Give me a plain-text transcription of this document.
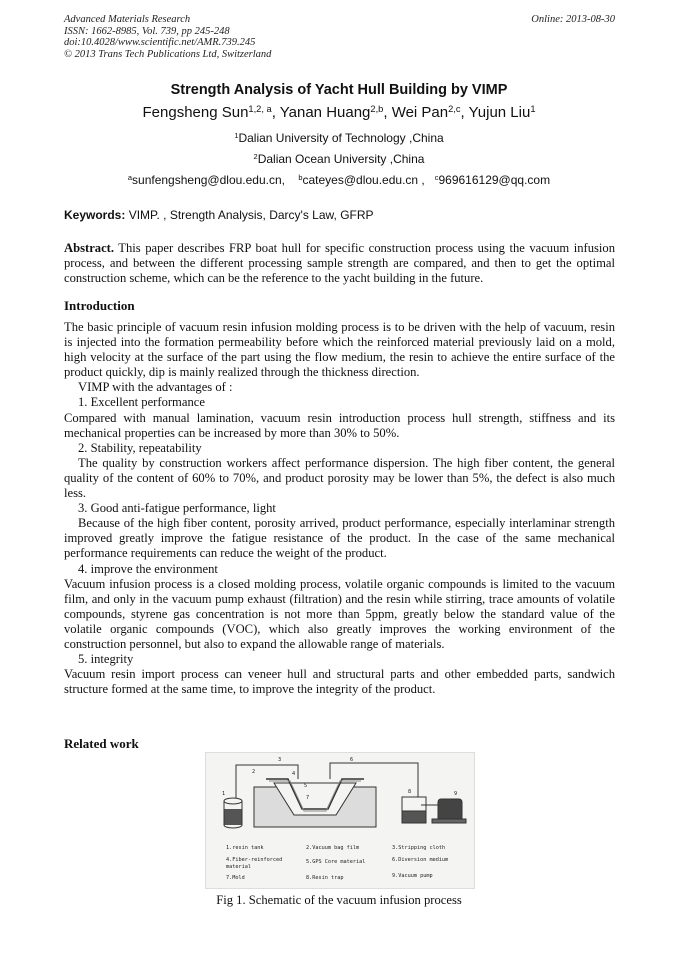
Advanced Materials Research
ISSN: 1662-8985, Vol. 739, pp 245-248
doi:10.4028/www.scientific.net/AMR.739.245
© 2013 Trans Tech Publications Ltd, Switzerland
Online: 2013-08-30
Strength Analysis of Yacht Hull Building by VIMP
Fengsheng Sun$^{1,2, a}$, Yanan Huang$^{2,b}$, Wei Pan$^{2,c}$, Yujun Liu$^1$
$^1$Dalian University of Technology ,China
$^2$Dalian Ocean University ,China
$^a$sunfengsheng@dlou.edu.cn, $^b$cateyes@dlou.edu.cn , $^c$969616129@qq.com
Keywords: VIMP. , Strength Analysis, Darcy's Law, GFRP

Abstract. This paper describes FRP boat hull for specific construction process using the vacuum infusion process, and between the different processing sample strength are compared, and then to get the optimal construction scheme, which can be the reference to the yacht building in the future.

Introduction

The basic principle of vacuum resin infusion molding process is to be driven with the help of vacuum, resin is injected into the formation permeability before which the reinforced material previously laid on a mold, high velocity at the surface of the part using the flow medium, the resin to achieve the entire surface of the product quickly, dip is mainly realized through the thickness direction.

VIMP with the advantages of :

1. Excellent performance

Compared with manual lamination, vacuum resin introduction process hull strength, stiffness and its mechanical properties can be increased by more than 30% to 50%.

2. Stability, repeatability

The quality by construction workers affect performance dispersion. The high fiber content, the general quality of the content of 60% to 70%, and product porosity may be lower than 5%, the defect is also much less.

3. Good anti-fatigue performance, light

Because of the high fiber content, porosity arrived, product performance, especially interlaminar strength improved greatly improve the fatigue resistance of the product. In the case of the same mechanical performance requirements can reduce the weight of the product.

4. improve the environment

Vacuum infusion process is a closed molding process, volatile organic compounds is limited to the vacuum film, and only in the vacuum pump exhaust (filtration) and the resin while stirring, trace amounts of volatile compounds, styrene gas concentration is not more than 5ppm, greatly below the standard value of the volatile organic compounds (VOC), which also greatly improves the working environment of the construction personnel, but also to expand the allowable range of materials.

5. integrity

Vacuum resin import process can veneer hull and structural parts and other embedded parts, sandwich structure formed at the same time, to improve the integrity of the product.

Related work
1
2
3
4
5
6
7
8	9
1.resin tank	2.Vacuum bag film	3.Stripping cloth
4.Fiber-reinforced
material
5.GPS Core material	6.Diversion medium
7.Mold	8.Resin trap	9.Vacuum pump
Fig 1. Schematic of the vacuum infusion process
